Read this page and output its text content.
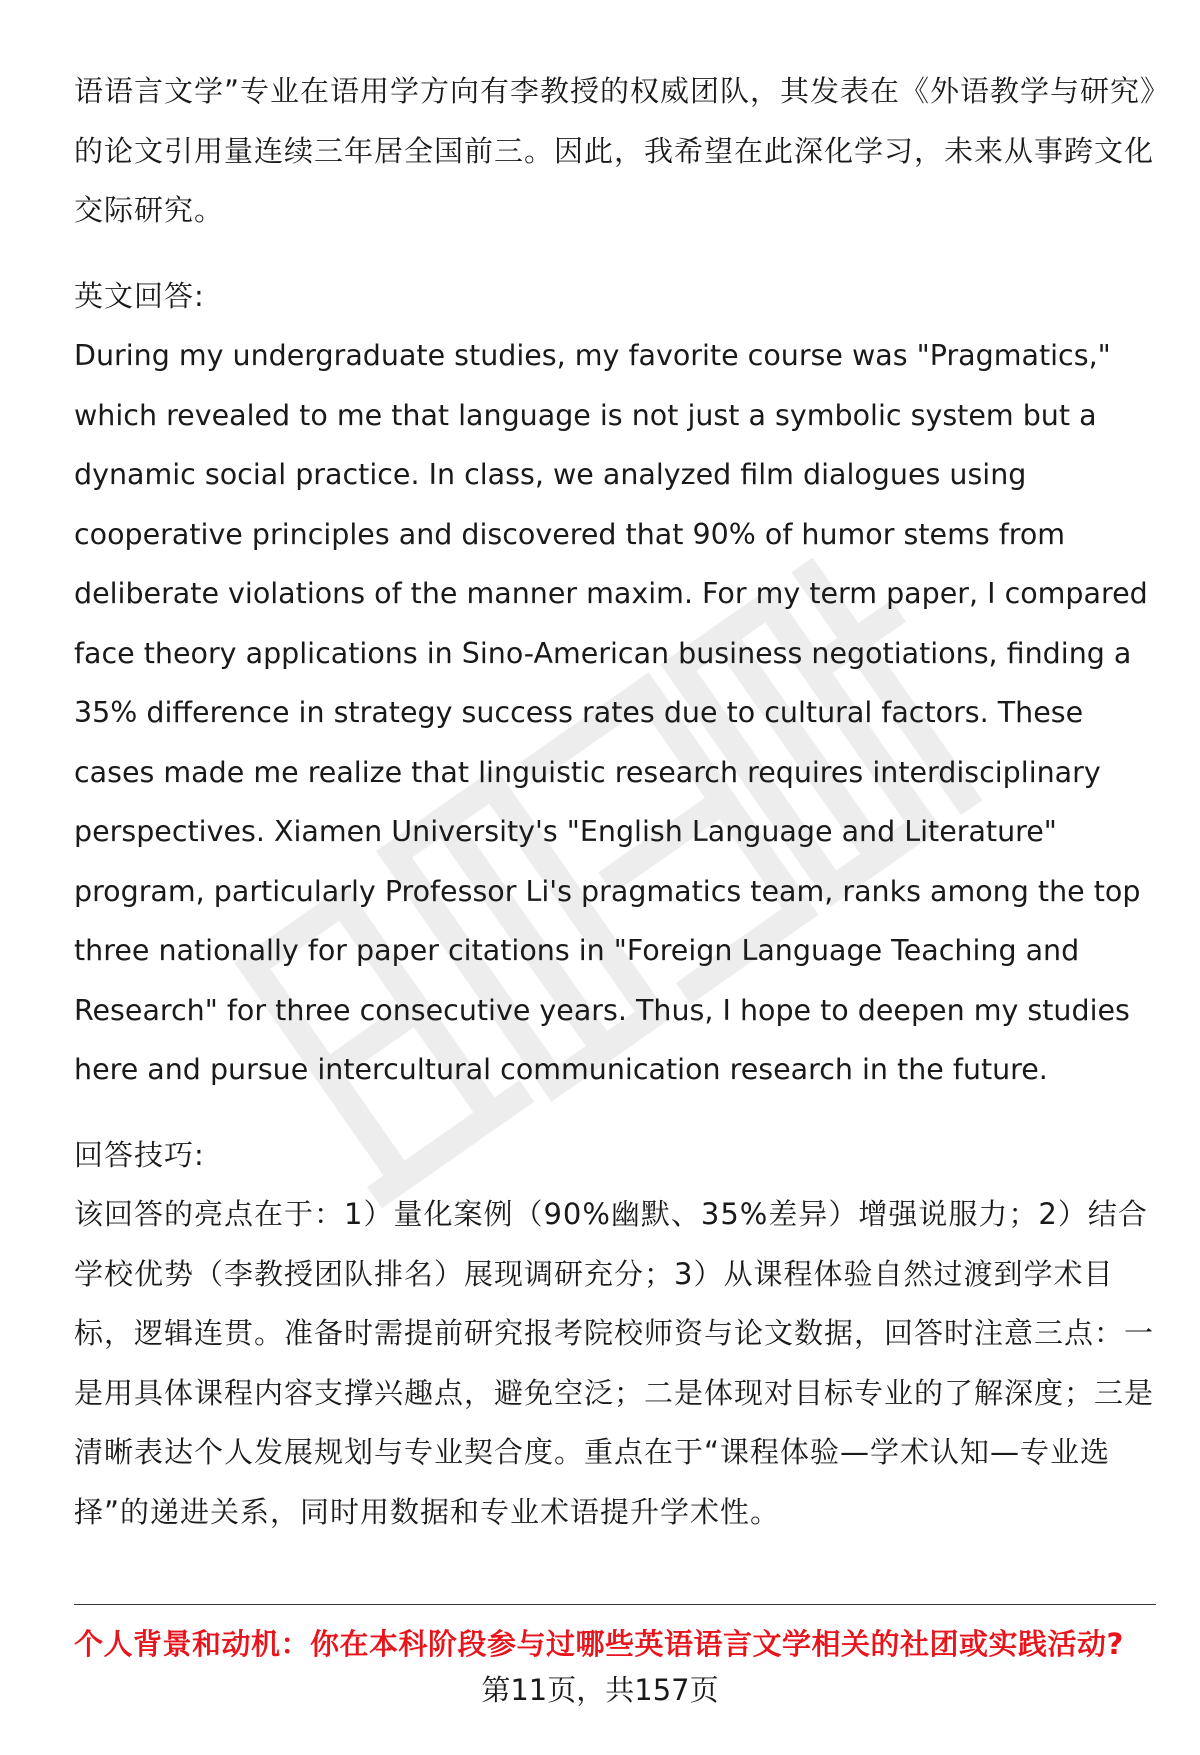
语语言文学”专业在语用学方向有李教授的权威团队，其发表在《外语教学与研究》的论文引用量连续三年居全国前三。因此，我希望在此深化学习，未来从事跨文化交际研究。

英文回答:

During my undergraduate studies, my favorite course was "Pragmatics," which revealed to me that language is not just a symbolic system but a dynamic social practice. In class, we analyzed film dialogues using cooperative principles and discovered that 90% of humor stems from deliberate violations of the manner maxim. For my term paper, I compared face theory applications in Sino-American business negotiations, finding a 35% difference in strategy success rates due to cultural factors. These cases made me realize that linguistic research requires interdisciplinary perspectives. Xiamen University's "English Language and Literature" program, particularly Professor Li's pragmatics team, ranks among the top three nationally for paper citations in "Foreign Language Teaching and Research" for three consecutive years. Thus, I hope to deepen my studies here and pursue intercultural communication research in the future.

回答技巧:

该回答的亮点在于：1）量化案例（90%幽默、35%差异）增强说服力；2）结合学校优势（李教授团队排名）展现调研充分；3）从课程体验自然过渡到学术目标，逻辑连贯。准备时需提前研究报考院校师资与论文数据，回答时注意三点：一是用具体课程内容支撑兴趣点，避免空泛；二是体现对目标专业的了解深度；三是清晰表达个人发展规划与专业契合度。重点在于“课程体验—学术认知—专业选择”的递进关系，同时用数据和专业术语提升学术性。

个人背景和动机：你在本科阶段参与过哪些英语语言文学相关的社团或实践活动?

第11页，共157页
